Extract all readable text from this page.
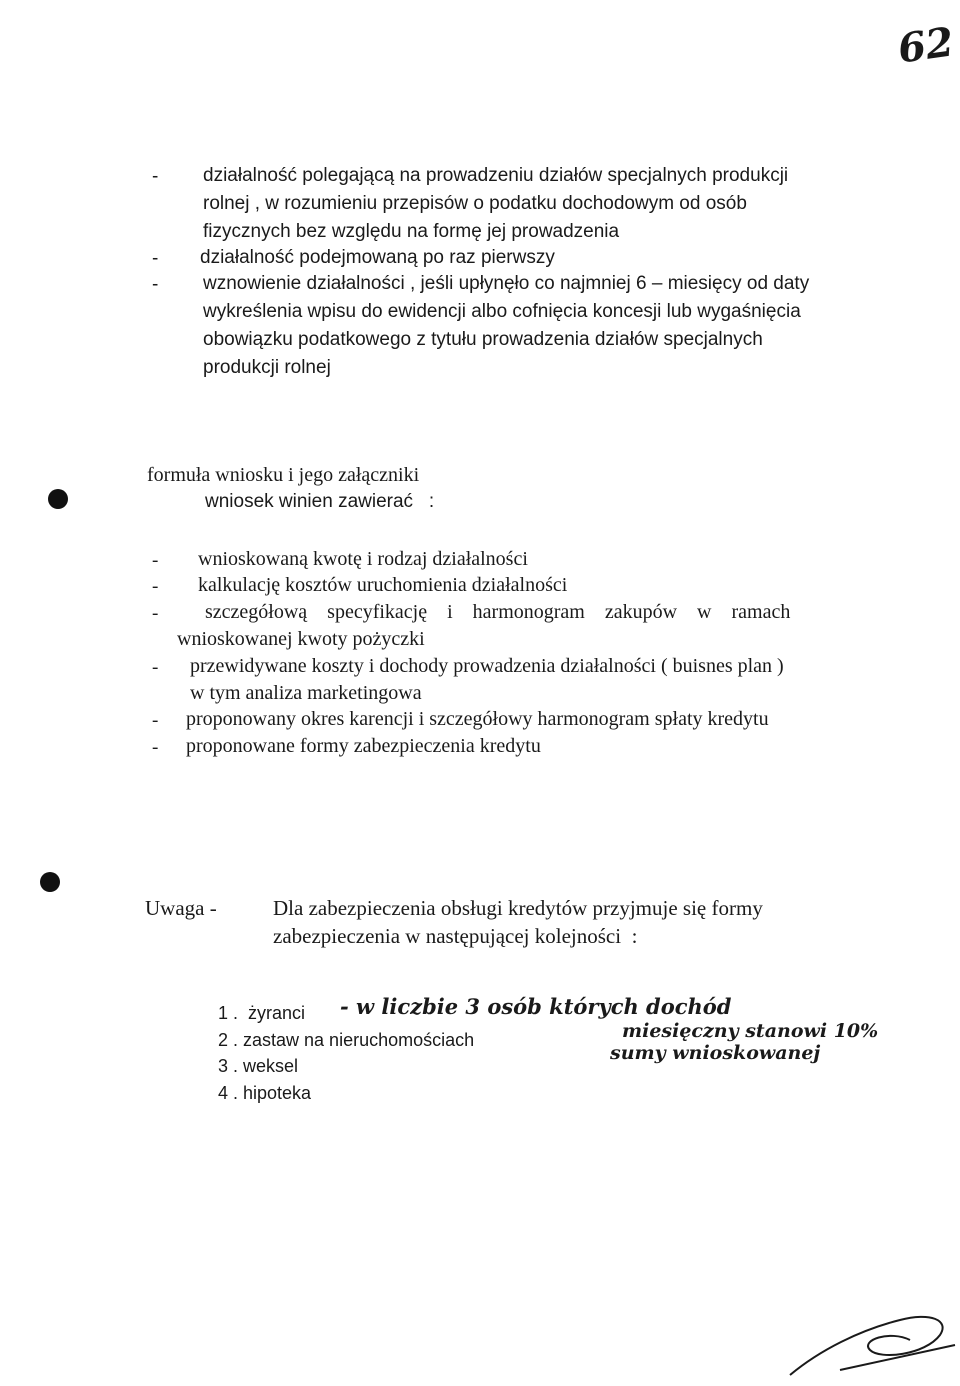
62
- działalność polegającą na prowadzeniu działów specjalnych produkcji
rolnej , w rozumieniu przepisów o podatku dochodowym od osób
fizycznych bez względu na formę jej prowadzenia
- działalność podejmowaną po raz pierwszy
- wznowienie działalności , jeśli upłynęło co najmniej 6 – miesięcy od daty
wykreślenia wpisu do ewidencji albo cofnięcia koncesji lub wygaśnięcia
obowiązku podatkowego z tytułu prowadzenia działów specjalnych
produkcji rolnej
formuła wniosku i jego załączniki
wniosek winien zawierać   :
- wnioskowaną kwotę i rodzaj działalności
- kalkulację kosztów uruchomienia działalności
- szczegółową    specyfikację    i    harmonogram    zakupów    w    ramach
wnioskowanej kwoty pożyczki
- przewidywane koszty i dochody prowadzenia działalności ( buisnes plan )
w tym analiza marketingowa
- proponowany okres karencji i szczegółowy harmonogram spłaty kredytu
- proponowane formy zabezpieczenia kredytu
Uwaga -	Dla zabezpieczenia obsługi kredytów przyjmuje się formy
zabezpieczenia w następującej kolejności  :
1 .  żyranci
2 . zastaw na nieruchomościach
3 . weksel
4 . hipoteka
- w liczbie 3 osób których dochód
miesięczny stanowi 10%
sumy wnioskowanej
